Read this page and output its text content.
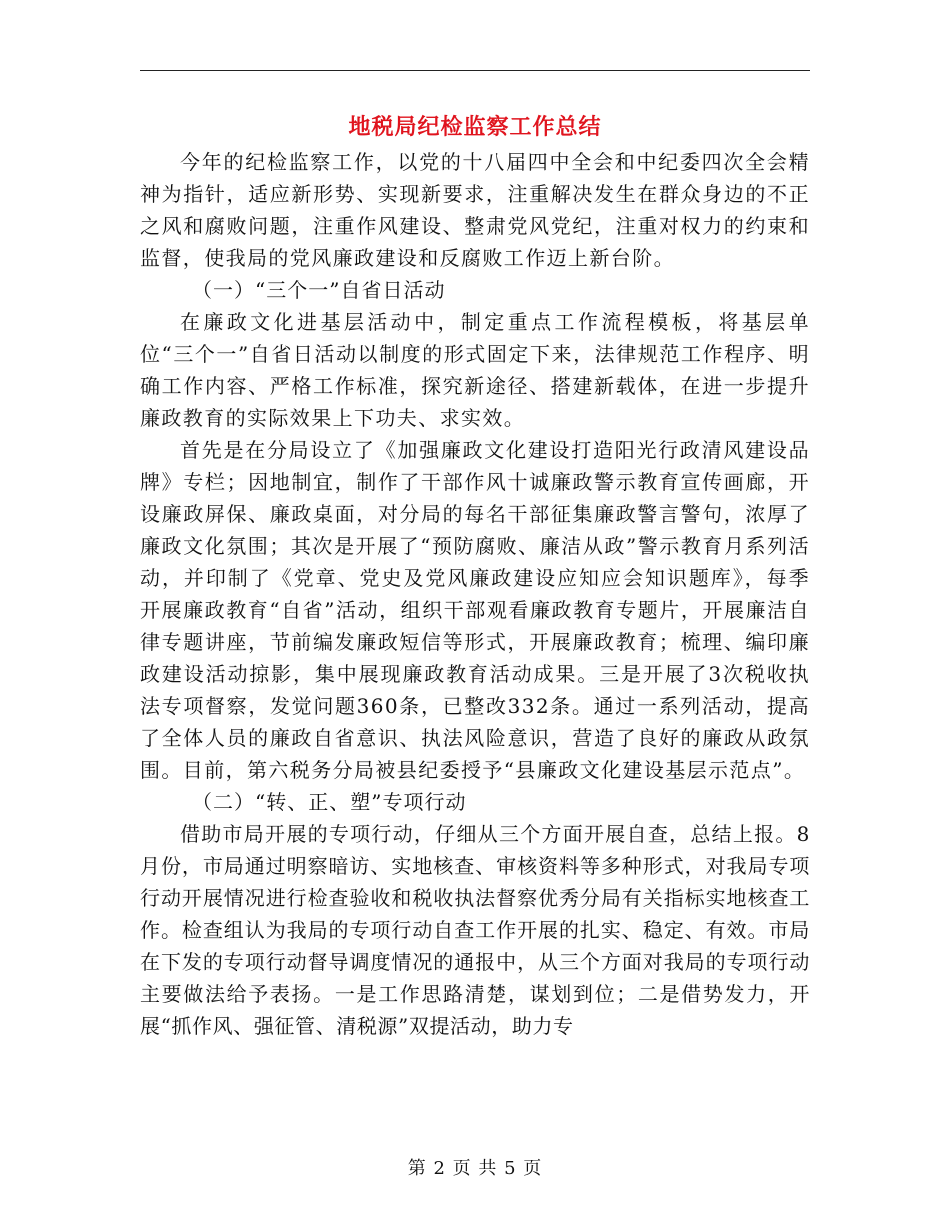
地税局纪检监察工作总结

今年的纪检监察工作，以党的十八届四中全会和中纪委四次全会精神为指针，适应新形势、实现新要求，注重解决发生在群众身边的不正之风和腐败问题，注重作风建设、整肃党风党纪，注重对权力的约束和监督，使我局的党风廉政建设和反腐败工作迈上新台阶。

（一）“三个一”自省日活动

在廉政文化进基层活动中，制定重点工作流程模板，将基层单位“三个一”自省日活动以制度的形式固定下来，法律规范工作程序、明确工作内容、严格工作标准，探究新途径、搭建新载体，在进一步提升廉政教育的实际效果上下功夫、求实效。

首先是在分局设立了《加强廉政文化建设打造阳光行政清风建设品牌》专栏；因地制宜，制作了干部作风十诚廉政警示教育宣传画廊，开设廉政屏保、廉政桌面，对分局的每名干部征集廉政警言警句，浓厚了廉政文化氛围；其次是开展了“预防腐败、廉洁从政”警示教育月系列活动，并印制了《党章、党史及党风廉政建设应知应会知识题库》，每季开展廉政教育“自省”活动，组织干部观看廉政教育专题片，开展廉洁自律专题讲座，节前编发廉政短信等形式，开展廉政教育；梳理、编印廉政建设活动掠影，集中展现廉政教育活动成果。三是开展了3次税收执法专项督察，发觉问题360条，已整改332条。通过一系列活动，提高了全体人员的廉政自省意识、执法风险意识，营造了良好的廉政从政氛围。目前，第六税务分局被县纪委授予“县廉政文化建设基层示范点”。

（二）“转、正、塑”专项行动

借助市局开展的专项行动，仔细从三个方面开展自查，总结上报。8月份，市局通过明察暗访、实地核查、审核资料等多种形式，对我局专项行动开展情况进行检查验收和税收执法督察优秀分局有关指标实地核查工作。检查组认为我局的专项行动自查工作开展的扎实、稳定、有效。市局在下发的专项行动督导调度情况的通报中，从三个方面对我局的专项行动主要做法给予表扬。一是工作思路清楚，谋划到位；二是借势发力，开展“抓作风、强征管、清税源”双提活动，助力专

第 2 页 共 5 页
